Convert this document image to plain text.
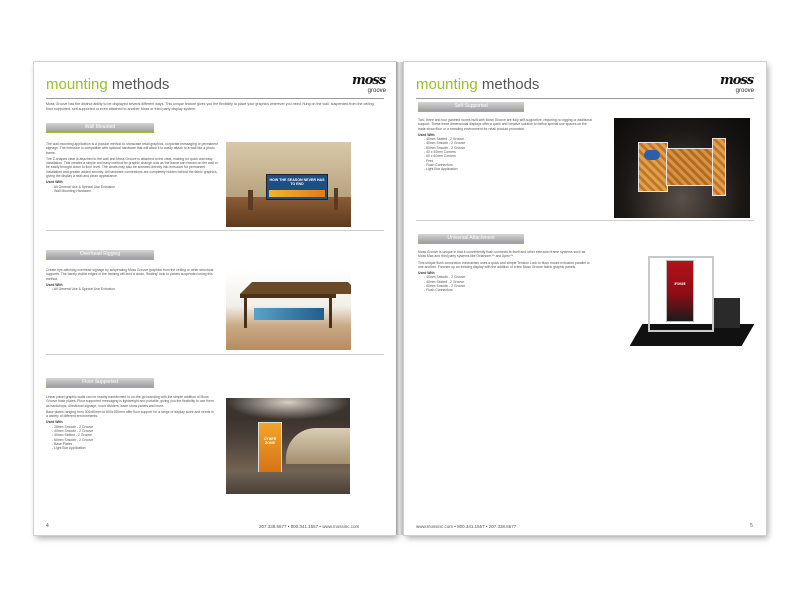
mounting methods	moss
groove
Moss Groove has the distinct ability to be displayed several different ways. This unique feature gives you the flexibility to place your graphics wherever you need; hung on the wall, suspended from the ceiling, floor supported, self-supported or even attached to another Moss or third party display system.
Wall Mounted

The wall mounting application is a popular method to showcase retail graphics, corporate messaging or permanent signage. The extrusion is compatible with optional hardware that will allow it to easily attach to a wall like a photo frame.

The Z-shaped cleat is attached to the wall and Moss Groove is attached to the cleat, making for quick and easy installation. This creates a simple and easy method for graphic change outs as the frame can remain on the wall or be easily brought down to floor level. The cleats may also be screwed directly into extrusion for permanent installation and greater added security. All hardware connections are completely hidden behind the fabric graphics, giving the display a neat and clean appearance.

Used With
- All General Use & Special Use Extrusion
- Wall Mounting Hardware
HOW THE SEASON NEVER HAS TO END
Overhead Rigging

Create eye-catching overhead signage by suspending Moss Groove graphics from the ceiling or other structural supports. The barely visible edges of the framing will lend a clean, 'floating' look to panels suspended using this method.

Used With
- All General Use & Special Use Extrusion
Floor Supported

Linear panel graphic walls can be readily transformed to on-the-go branding with the simple addition of Moss Groove base plates. Floor supported messaging is lightweight and portable, giving you the flexibility to use them as backdrops, directional signage, room dividers, trade show panels and more.

Base plates ranging from 300x80mm to 800x150mm offer floor support for a range of display sizes and needs in a variety of different environments.

Used With
- 28mm Smooth - 2 Groove
- 40mm Smooth - 2 Groove
- 40mm Slotted - 2 Groove
- 60mm Smooth - 2 Groove
- Base Plates
- Light Box Application
CYBER ZONE
4	207.338.6677 • 800.341.1557 • www.mossinc.com
mounting methods	moss
groove
Self-Supported

Two, three and four paneled rooms built with Moss Groove are fully self-supportive, requiring no rigging or additional support. These three dimensional displays offer a quick and creative solution to define special use spaces on the trade show floor or a branding environment for retail product promotion.

Used With
- 40mm Slotted - 2 Groove
- 40mm Smooth - 2 Groove
- 60mm Smooth - 2 Groove
- 40 x 40mm Corners
- 60 x 60mm Corners
- Feet
- Flush Connectors
- Light Box Application
Universal Attachment

Moss Groove is unique in that it conveniently flush connects to itself and other extrusion frame systems such as Moss Max and third party systems like Octanorm™ and Apex™.

This unique flush connection mechanism uses a quick and simple Tension Lock to flush mount extrusion parallel to one another. Freshen up an existing display with the addition of a few Moss Groove fabric graphic panels.

Used With
- 40mm Smooth - 2 Groove
- 40mm Slotted - 2 Groove
- 60mm Smooth - 2 Groove
- Flush Connectors
FISH
www.mossinc.com • 800.341.1557 • 207.338.6677	5
